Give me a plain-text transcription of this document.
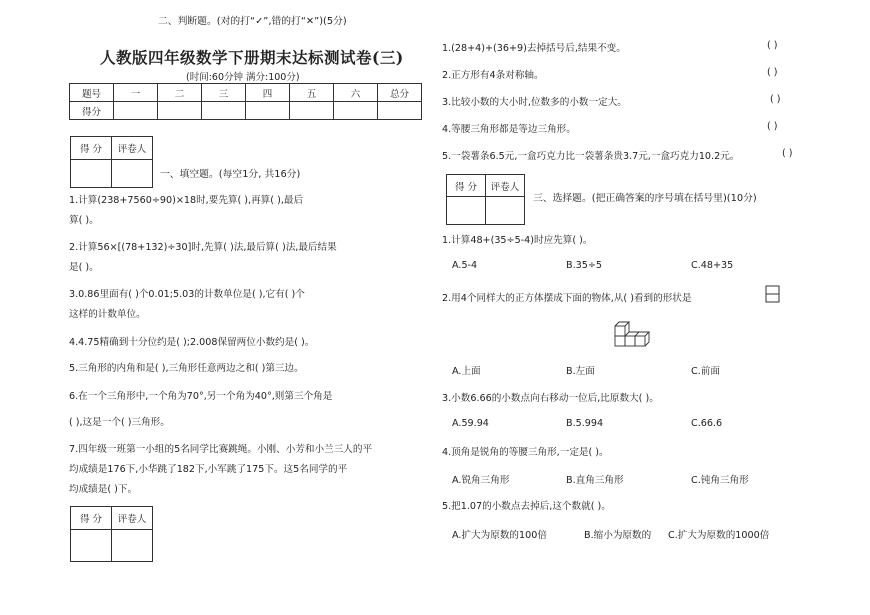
二、判断题。(对的打“✓”,错的打“✕”)(5分)
人教版四年级数学下册期末达标测试卷(三)
(时间:60分钟 满分:100分)
题号	一	二	三	四	五	六	总分
得分							
得 分	评卷人

一、填空题。(每空1分, 共16分)
1.计算(238+7560÷90)×18时,要先算( ),再算( ),最后
算( )。
2.计算56×[(78+132)÷30]时,先算( )法,最后算( )法,最后结果
是( )。
3.0.86里面有( )个0.01;5.03的计数单位是( ),它有( )个
这样的计数单位。
4.4.75精确到十分位约是( );2.008保留两位小数约是( )。
5.三角形的内角和是( ),三角形任意两边之和( )第三边。
6.在一个三角形中,一个角为70°,另一个角为40°,则第三个角是
( ),这是一个( )三角形。
7.四年级一班第一小组的5名同学比赛跳绳。小刚、小芳和小兰三人的平
均成绩是176下,小华跳了182下,小军跳了175下。这5名同学的平
均成绩是( )下。
得 分	评卷人

1.(28+4)+(36+9)去掉括号后,结果不变。	( )
2.正方形有4条对称轴。	( )
3.比较小数的大小时,位数多的小数一定大。	( )
4.等腰三角形都是等边三角形。	( )
5.一袋薯条6.5元,一盒巧克力比一袋薯条贵3.7元,一盒巧克力10.2元。	( )
得 分	评卷人

三、选择题。(把正确答案的序号填在括号里)(10分)
1.计算48+(35÷5-4)时应先算( )。
A.5-4	B.35÷5	C.48+35
2.用4个同样大的正方体摆成下面的物体,从( )看到的形状是
A.上面	B.左面	C.前面
3.小数6.66的小数点向右移动一位后,比原数大( )。
A.59.94	B.5.994	C.66.6
4.顶角是锐角的等腰三角形,一定是( )。
A.锐角三角形	B.直角三角形	C.钝角三角形
5.把1.07的小数点去掉后,这个数就( )。
A.扩大为原数的100倍	B.缩小为原数的 C.扩大为原数的1000倍
